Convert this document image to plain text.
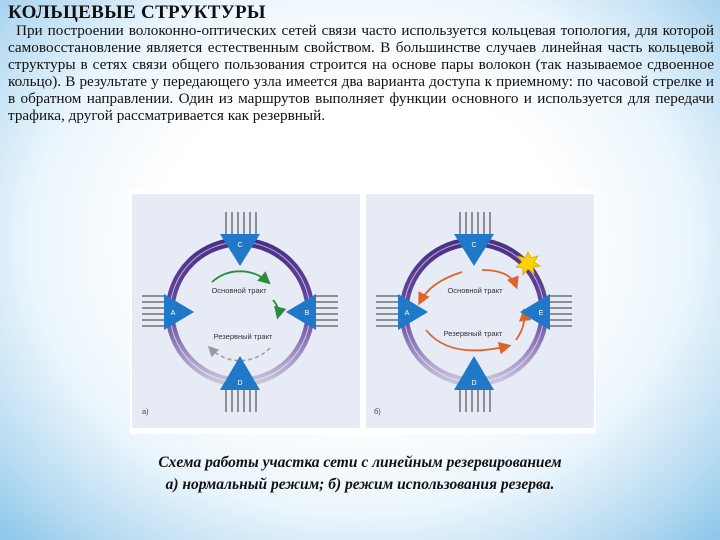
КОЛЬЦЕВЫЕ СТРУКТУРЫ
При построении волоконно-оптических сетей связи часто используется кольцевая топология, для которой самовосстановление является естественным свойством. В большинстве случаев линейная часть кольцевой структуры в сетях связи общего пользования строится на основе пары волокон (так называемое сдвоенное кольцо). В результате у передающего узла имеется два варианта доступа к приемному: по часовой стрелке и в обратном направлении. Один из маршрутов выполняет функции основного и используется для передачи трафика, другой рассматривается как резервный.
C
A	B
D
Основной тракт
Резервный тракт
а)
C
A	E
D
Основной тракт
Резервный тракт
б)
Схема работы участка сети с линейным резервированием
а) нормальный режим; б) режим использования резерва.
